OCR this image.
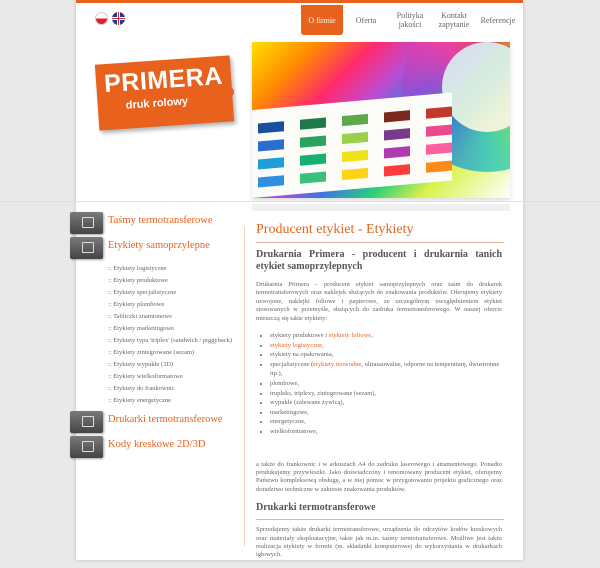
O firmie	Oferta	Polityka jakości
Kontakt zapytanie	Referencje
PRIMERA
druk rolowy
Taśmy termotransferowe
Etykiety samoprzylepne
:: Etykiety logistyczne
:: Etykiety produktowe
:: Etykiety specjalistyczne
:: Etykiety plombowe
:: Tabliczki znamionowe
:: Etykiety marketingowe
:: Etykiety typu 'triplex' (sandwich / piggyback)
:: Etykiety zintegrowane (sezam)
:: Etykiety wypukłe (3D)
:: Etykiety wielkoformatowe
:: Etykiety do frankownic
:: Etykiety energetyczne
Drukarki termotransferowe
Kody kreskowe 2D/3D
Producent etykiet - Etykiety
Drukarnia Primera - producent i drukarnia tanich etykiet samoprzylepnych

Drukarnia Primera – producent etykiet samoprzylepnych oraz taśm do drukarek termotransferowych oraz naklejek służących do znakowania produktów. Oferujemy etykiety uzwojone, naklejki foliowe i papierowe, ze szczególnym uwzględnieniem etykiet stosowanych w przemyśle, służących do zadruku termotransferowego. W naszej ofercie mieszczą się takie etykiety:

• etykiety produktowe i etykiety foliowe,
• etykiety logistyczne,
• etykiety na opakowania,
• specjalistyczne (etykiety tnowodne, ultrasauwalne, odporne na temperaturę, dwustronne itp.),
• plombowe,
• trupleks, triplexy, zintegrowane (sezam),
• wypukłe (zalewane żywicą),
• marketingowe,
• energetyczne,
• wielkoformatowe,

a także do frankownic i w arkuszach A4 do zadruku laserowego i atramentowego. Ponadto produkujemy przywieszki. Jako doświadczony i renomowany producent etykiet, oferujemy Państwu kompleksową obsługę, a w niej pomoc w przygotowaniu projektu graficznego oraz doradztwo techniczne w zakresie znakowania produktów.

Drukarki termotransferowe

Sprzedajemy także drukarki termotransferowe, urządzenia do odczytów kodów kreskowych oraz materiały eksploatacyjne, takie jak m.in. taśmy termotransferowe. Możliwe jest także realizacja etykiety w formie (m. składanki komputerowej do wykorzystania w drukarkach igłowych.
